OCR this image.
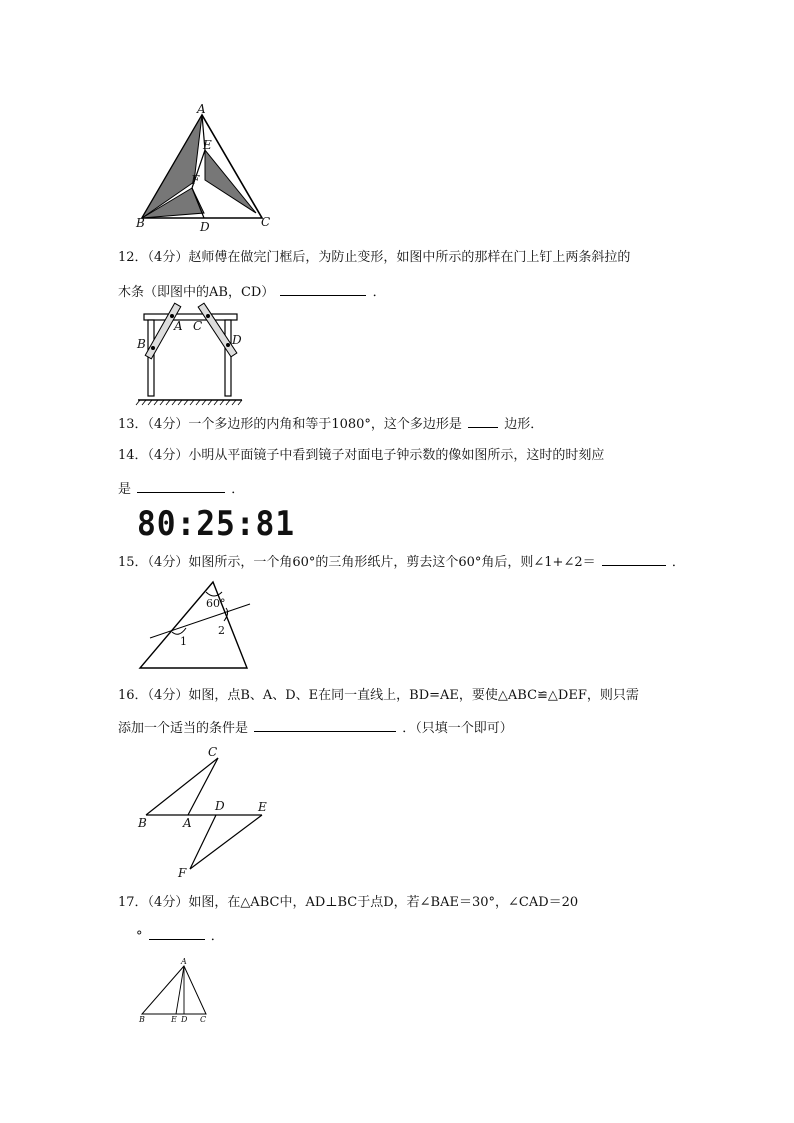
A
E
F
B	D	C
12．（4分）赵师傅在做完门框后，为防止变形，如图中所示的那样在门上钉上两条斜拉的
木条（即图中的AB，CD）	．
A C
B	D
13．（4分）一个多边形的内角和等于1080°，这个多边形是	边形．
14．（4分）小明从平面镜子中看到镜子对面电子钟示数的像如图所示，这时的时刻应
是	．
80:25:81
15．（4分）如图所示，一个角60°的三角形纸片，剪去这个60°角后，则∠1+∠2＝	．
60°
1
2
16．（4分）如图，点B、A、D、E在同一直线上，BD=AE，要使△ABC≌△DEF，则只需
添加一个适当的条件是	．（只填一个即可）
C
D	E
B	A
F
17．（4分）如图，在△ABC中，AD⊥BC于点D，若∠BAE＝30°，∠CAD＝20
°	．
A
B	E D C
